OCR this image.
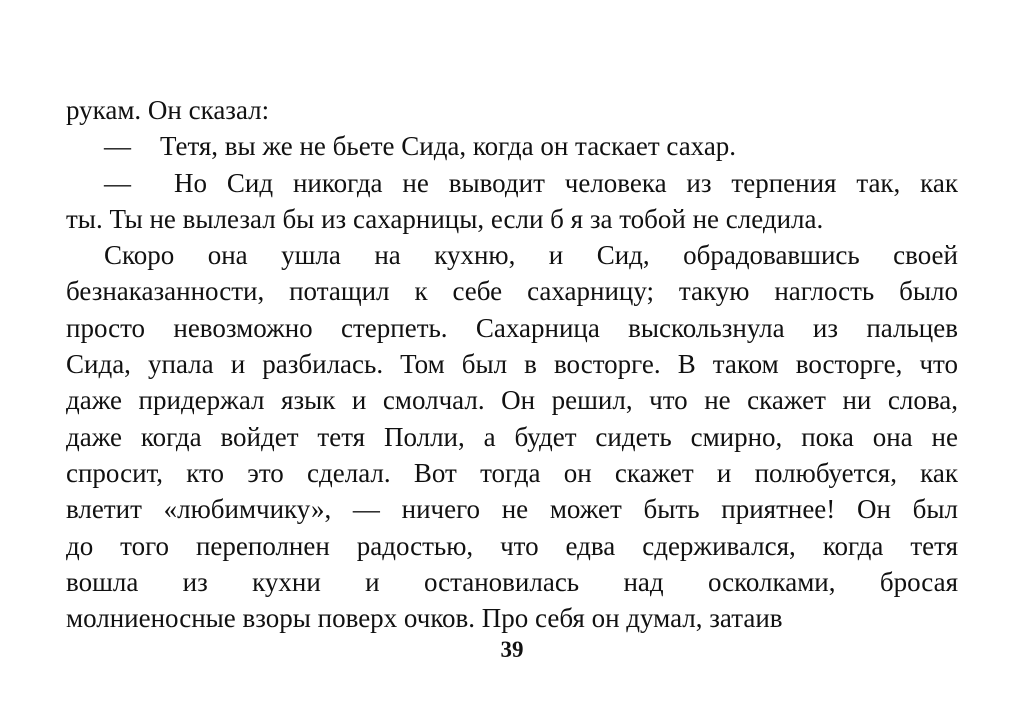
рукам. Он сказал:
— Тетя, вы же не бьете Сида, когда он таскает сахар.
— Но Сид никогда не выводит человека из терпения так, как
ты. Ты не вылезал бы из сахарницы, если б я за тобой не следила.
Скоро она ушла на кухню, и Сид, обрадовавшись своей
безнаказанности, потащил к себе сахарницу; такую наглость было
просто невозможно стерпеть. Сахарница выскользнула из пальцев
Сида, упала и разбилась. Том был в восторге. В таком восторге, что
даже придержал язык и смолчал. Он решил, что не скажет ни слова,
даже когда войдет тетя Полли, а будет сидеть смирно, пока она не
спросит, кто это сделал. Вот тогда он скажет и полюбуется, как
влетит «любимчику», — ничего не может быть приятнее! Он был
до того переполнен радостью, что едва сдерживался, когда тетя
вошла из кухни и остановилась над осколками, бросая
молниеносные взоры поверх очков. Про себя он думал, затаив
39
